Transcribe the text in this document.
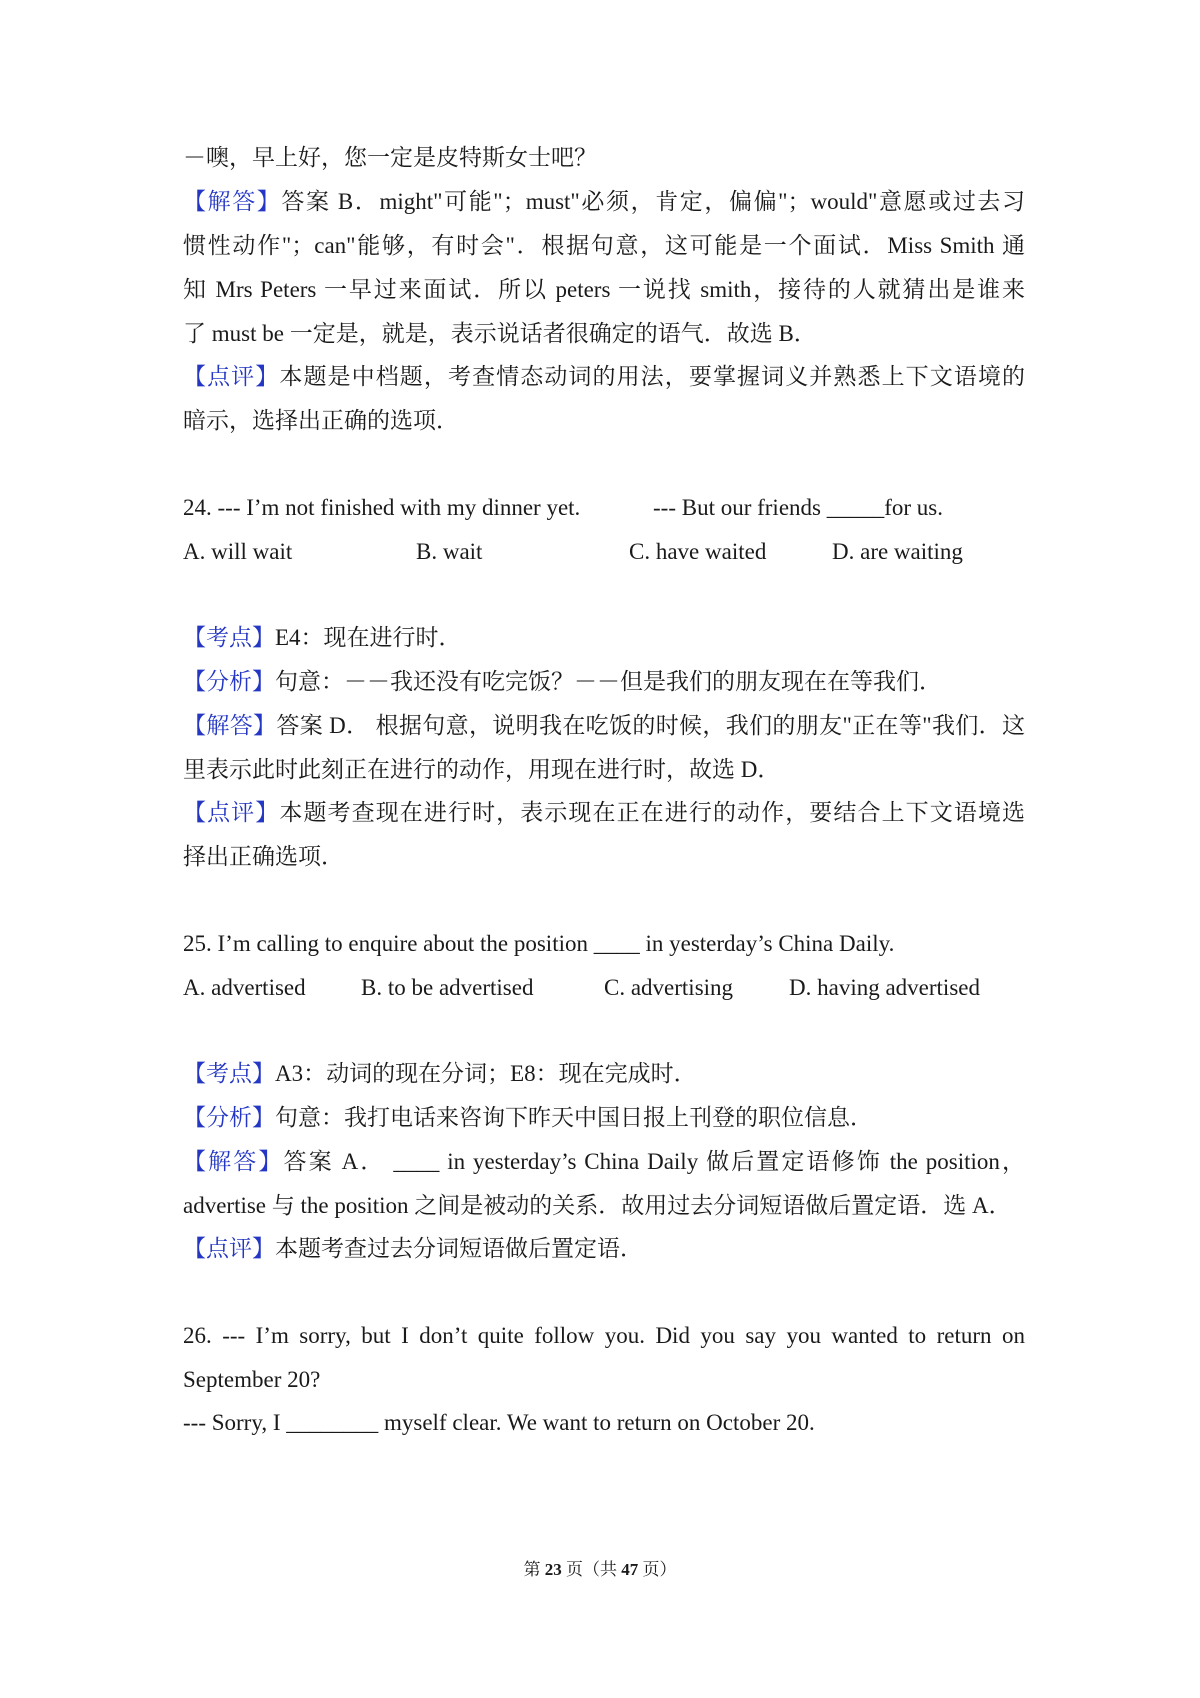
－噢，早上好，您一定是皮特斯女士吧？
【解答】答案 B．might"可能"；must"必须，肯定，偏偏"；would"意愿或过去习
惯性动作"；can"能够，有时会"．根据句意，这可能是一个面试．Miss Smith 通
知 Mrs Peters 一早过来面试．所以 peters 一说找 smith，接待的人就猜出是谁来
了 must be 一定是，就是，表示说话者很确定的语气．故选 B．
【点评】本题是中档题，考查情态动词的用法，要掌握词义并熟悉上下文语境的
暗示，选择出正确的选项．
24. --- I’m not finished with my dinner yet.	--- But our friends _____for us.
A. will wait	B. wait	C. have waited	D. are waiting
【考点】E4：现在进行时．
【分析】句意：－－我还没有吃完饭？－－但是我们的朋友现在在等我们．
【解答】答案 D． 根据句意，说明我在吃饭的时候，我们的朋友"正在等"我们．这
里表示此时此刻正在进行的动作，用现在进行时，故选 D．
【点评】本题考查现在进行时，表示现在正在进行的动作，要结合上下文语境选
择出正确选项．
25. I’m calling to enquire about the position ____ in yesterday’s China Daily.
A. advertised B. to be advertised	C. advertising D. having advertised
【考点】A3：动词的现在分词；E8：现在完成时．
【分析】句意：我打电话来咨询下昨天中国日报上刊登的职位信息．
【解答】答案 A． ____ in yesterday’s China Daily 做后置定语修饰 the position，
advertise 与 the position 之间是被动的关系．故用过去分词短语做后置定语．选 A．
【点评】本题考查过去分词短语做后置定语．
26. --- I’m sorry, but I don’t quite follow you. Did you say you wanted to return on
September 20?
--- Sorry, I ________ myself clear. We want to return on October 20.
第 23 页（共 47 页）
